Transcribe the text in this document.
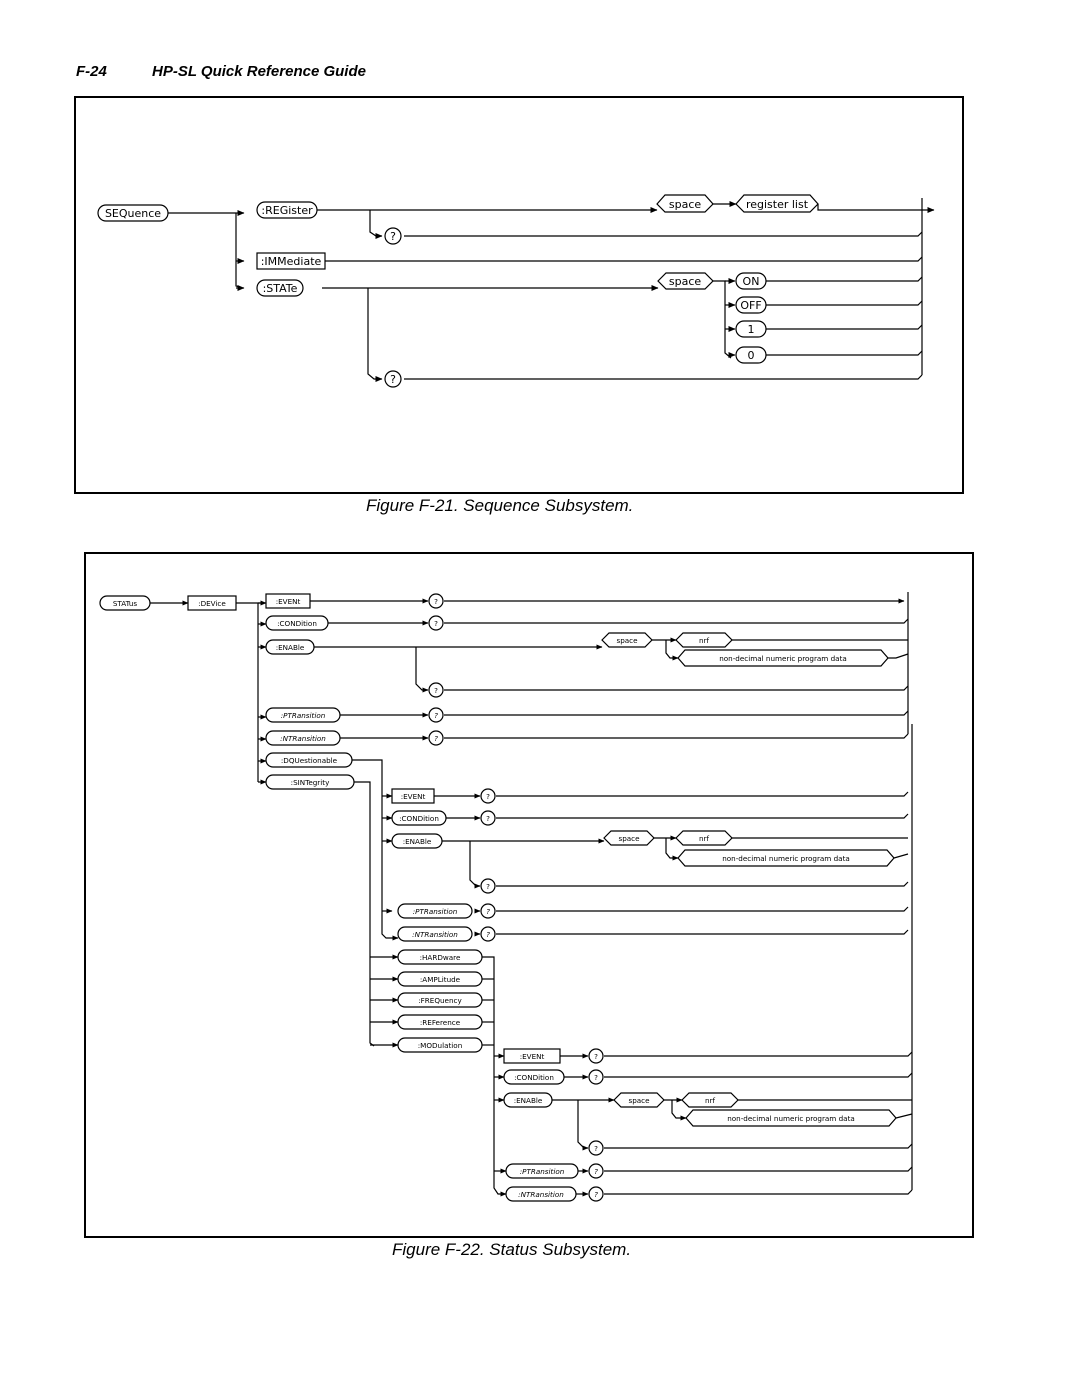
F-24	HP-SL Quick Reference Guide
SEQuence	:REGister
:IMMediate
:STATe
space	register list
?
space	ON
OFF
1
0
?
Figure F-21. Sequence Subsystem.
STATus	:DEVice	:EVENt
:CONDition
:ENABle
:PTRansition
:NTRansition
:DQUestionable
:SINTegrity
?
?
?
?
?
space	nrf
non-decimal numeric program data
:EVENt
:CONDition
:ENABle
:PTRansition
:NTRansition
?
?
?
?
?
space	nrf
non-decimal numeric program data
:HARDware
:AMPLitude
:FREQuency
:REFerence
:MODulation
:EVENt
:CONDition
:ENABle
:PTRansition
:NTRansition
?
?
?
?
?
space	nrf
non-decimal numeric program data
Figure F-22. Status Subsystem.
